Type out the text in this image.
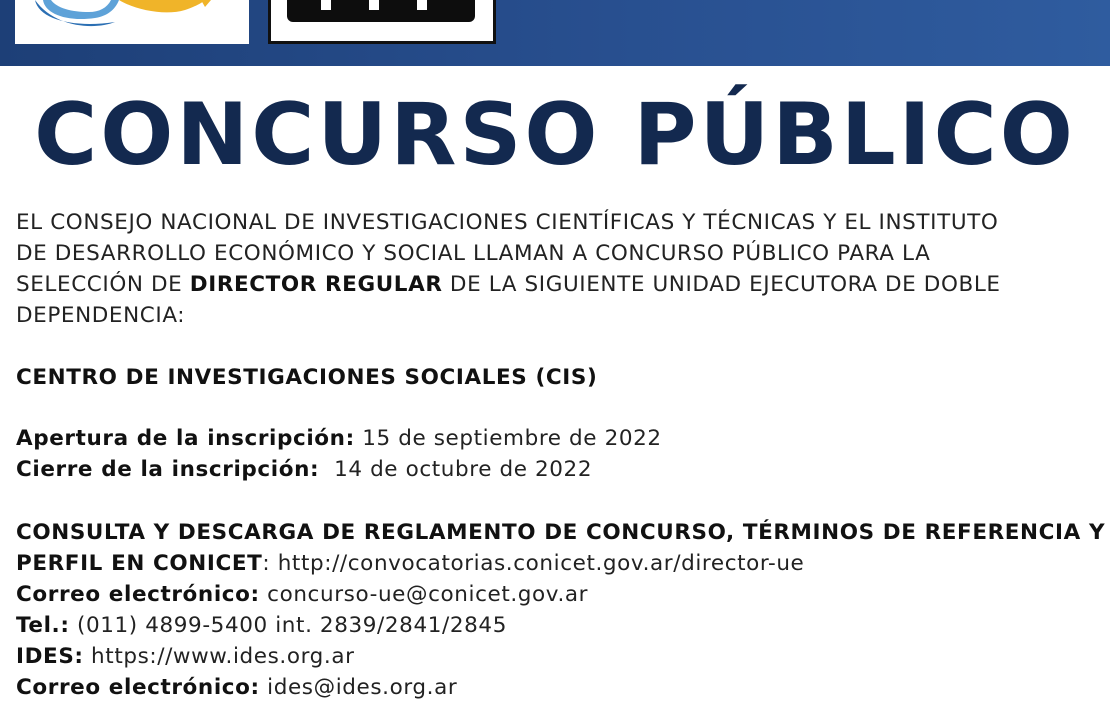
CONCURSO PÚBLICO
EL CONSEJO NACIONAL DE INVESTIGACIONES CIENTÍFICAS Y TÉCNICAS Y EL INSTITUTO
DE DESARROLLO ECONÓMICO Y SOCIAL LLAMAN A CONCURSO PÚBLICO PARA LA
SELECCIÓN DE DIRECTOR REGULAR DE LA SIGUIENTE UNIDAD EJECUTORA DE DOBLE
DEPENDENCIA:
CENTRO DE INVESTIGACIONES SOCIALES (CIS)
Apertura de la inscripción: 15 de septiembre de 2022
Cierre de la inscripción:  14 de octubre de 2022
CONSULTA Y DESCARGA DE REGLAMENTO DE CONCURSO, TÉRMINOS DE REFERENCIA Y
PERFIL EN CONICET: http://convocatorias.conicet.gov.ar/director-ue
Correo electrónico: concurso-ue@conicet.gov.ar
Tel.: (011) 4899-5400 int. 2839/2841/2845
IDES: https://www.ides.org.ar
Correo electrónico: ides@ides.org.ar
